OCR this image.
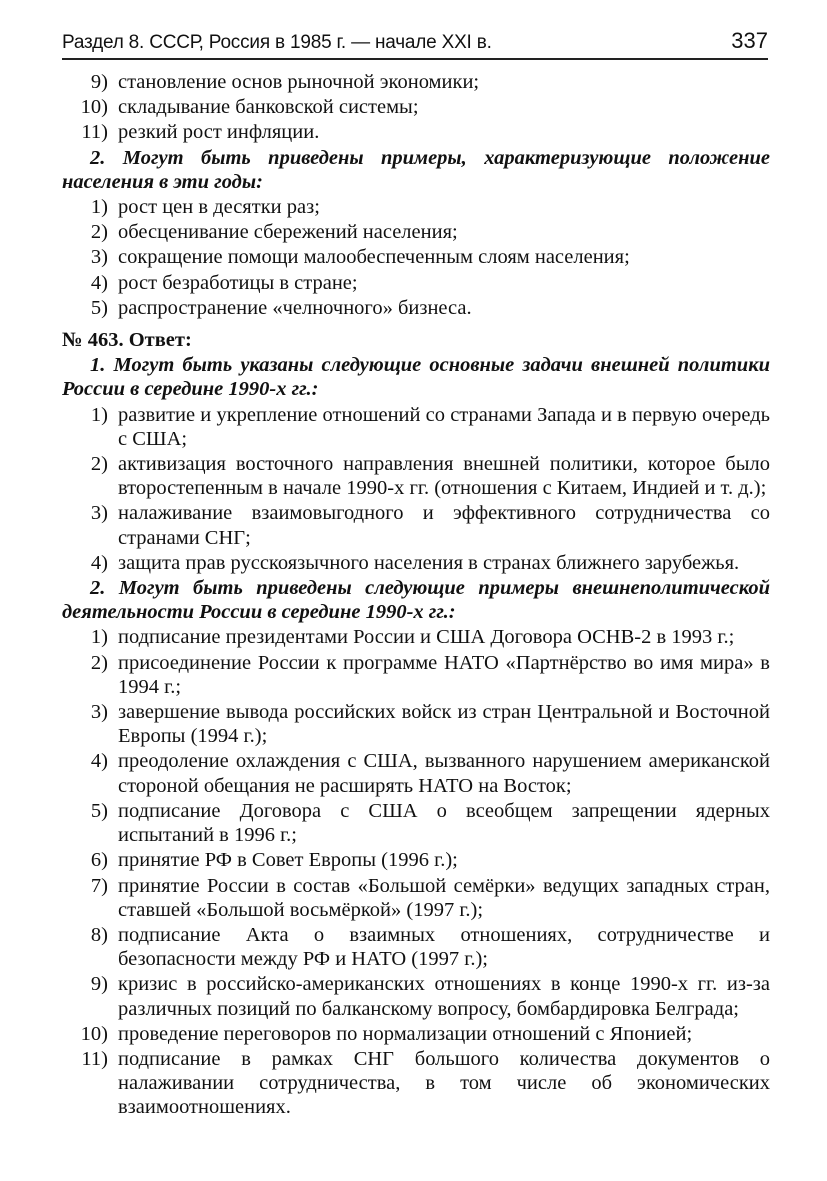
Раздел 8. СССР, Россия в 1985 г. — начале XXI в.	337
9) становление основ рыночной экономики;
10) складывание банковской системы;
11) резкий рост инфляции.
2. Могут быть приведены примеры, характеризующие положение населения в эти годы:
1) рост цен в десятки раз;
2) обесценивание сбережений населения;
3) сокращение помощи малообеспеченным слоям населения;
4) рост безработицы в стране;
5) распространение «челночного» бизнеса.
№ 463. Ответ:
1. Могут быть указаны следующие основные задачи внешней политики России в середине 1990-х гг.:
1) развитие и укрепление отношений со странами Запада и в первую очередь с США;
2) активизация восточного направления внешней политики, которое было второстепенным в начале 1990-х гг. (отношения с Китаем, Индией и т. д.);
3) налаживание взаимовыгодного и эффективного сотрудничества со странами СНГ;
4) защита прав русскоязычного населения в странах ближнего зарубежья.
2. Могут быть приведены следующие примеры внешнеполитической деятельности России в середине 1990-х гг.:
1) подписание президентами России и США Договора ОСНВ-2 в 1993 г.;
2) присоединение России к программе НАТО «Партнёрство во имя мира» в 1994 г.;
3) завершение вывода российских войск из стран Центральной и Восточной Европы (1994 г.);
4) преодоление охлаждения с США, вызванного нарушением американской стороной обещания не расширять НАТО на Восток;
5) подписание Договора с США о всеобщем запрещении ядерных испытаний в 1996 г.;
6) принятие РФ в Совет Европы (1996 г.);
7) принятие России в состав «Большой семёрки» ведущих западных стран, ставшей «Большой восьмёркой» (1997 г.);
8) подписание Акта о взаимных отношениях, сотрудничестве и безопасности между РФ и НАТО (1997 г.);
9) кризис в российско-американских отношениях в конце 1990-х гг. из-за различных позиций по балканскому вопросу, бомбардировка Белграда;
10) проведение переговоров по нормализации отношений с Японией;
11) подписание в рамках СНГ большого количества документов о налаживании сотрудничества, в том числе об экономических взаимоотношениях.
